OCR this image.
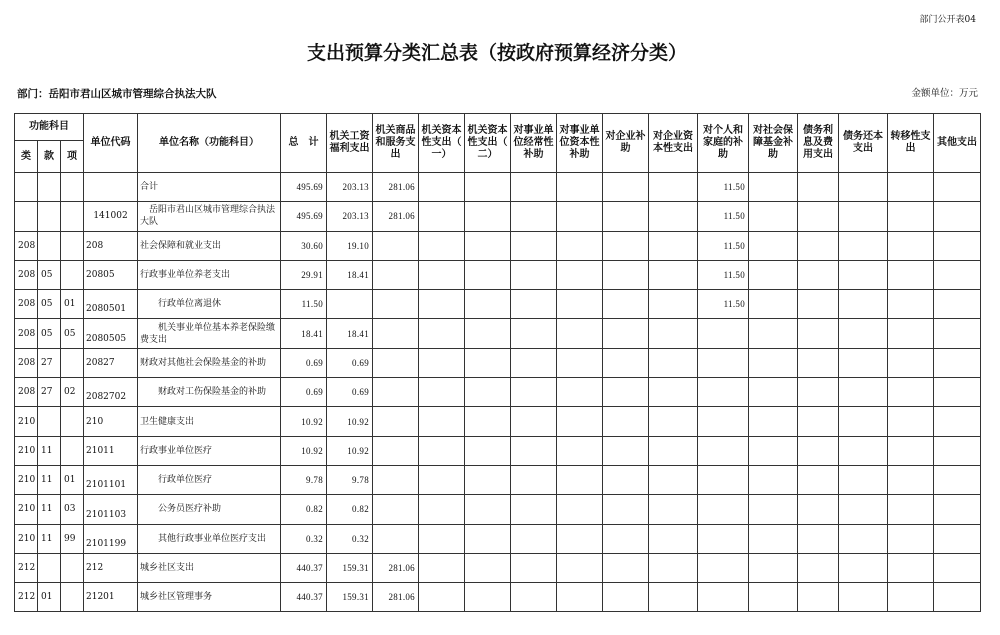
部门公开表04
支出预算分类汇总表（按政府预算经济分类）
部门：岳阳市君山区城市管理综合执法大队	金额单位：万元
功能科目			单位代码	单位名称（功能科目）	总　计	机关工资福利支出	机关商品和服务支出	机关资本性支出（一）	机关资本性支出（二）	对事业单位经常性补助	对事业单位资本性补助	对企业补助	对企业资本性支出	对个人和家庭的补助	对社会保障基金补助	债务利息及费用支出	债务还本支出	转移性支出	其他支出
类	款	项																	
				合计	495.69	203.13	281.06							11.50					
			141002	岳阳市君山区城市管理综合执法大队	495.69	203.13	281.06							11.50					
208			208	社会保障和就业支出	30.60	19.10								11.50					
208	05		20805	行政事业单位养老支出	29.91	18.41								11.50					
208	05	01	2080501	行政单位离退休	11.50									11.50					
208	05	05	2080505	机关事业单位基本养老保险缴费支出	18.41	18.41													
208	27		20827	财政对其他社会保险基金的补助	0.69	0.69													
208	27	02	2082702	财政对工伤保险基金的补助	0.69	0.69													
210			210	卫生健康支出	10.92	10.92													
210	11		21011	行政事业单位医疗	10.92	10.92													
210	11	01	2101101	行政单位医疗	9.78	9.78													
210	11	03	2101103	公务员医疗补助	0.82	0.82													
210	11	99	2101199	其他行政事业单位医疗支出	0.32	0.32													
212			212	城乡社区支出	440.37	159.31	281.06												
212	01		21201	城乡社区管理事务	440.37	159.31	281.06												
